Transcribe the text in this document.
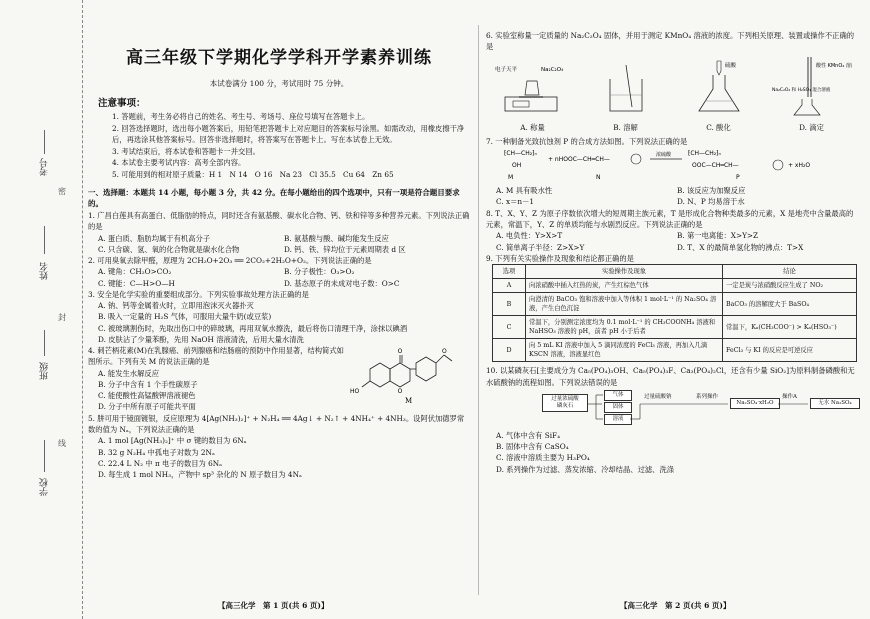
考号
姓名
班级
学校
密
封
线
高三年级下学期化学学科开学素养训练
本试卷满分 100 分，考试用时 75 分钟。
注意事项：

1. 答题前，考生务必将自己的姓名、考生号、考场号、座位号填写在答题卡上。

2. 回答选择题时，选出每小题答案后，用铅笔把答题卡上对应题目的答案标号涂黑。如需改动，用橡皮擦干净后，再选涂其他答案标号。回答非选择题时，将答案写在答题卡上。写在本试卷上无效。

3. 考试结束后，将本试卷和答题卡一并交回。

4. 本试卷主要考试内容：高考全部内容。

5. 可能用到的相对原子质量：H 1　N 14　O 16　Na 23　Cl 35.5　Cu 64　Zn 65

一、选择题：本题共 14 小题，每小题 3 分，共 42 分。在每小题给出的四个选项中，只有一项是符合题目要求的。
1. 广昌白莲具有高蛋白、低脂肪的特点，同时还含有氨基酸、碳水化合物、钙、铁和锌等多种营养元素。下列说法正确的是
A. 蛋白质、脂肪均属于有机高分子	B. 氨基酸与酸、碱均能发生反应
C. 只含碳、氢、氧的化合物就是碳水化合物	D. 钙、铁、锌均位于元素周期表 d 区
2. 可用臭氧去除甲醛，原理为 2CH₂O+2O₃ ══ 2CO₂+2H₂O+O₂。下列说法正确的是
A. 键角：CH₂O>CO₂	B. 分子极性：O₃>O₂
C. 键能：C—H>O—H	D. 基态原子的未成对电子数：O>C
3. 安全是化学实验的重要组成部分。下列实验事故处理方法正确的是
A. 钠、钙等金属着火时，立即用泡沫灭火器扑灭
B. 吸入一定量的 H₂S 气体，可服用大量牛奶(或豆浆)
C. 被玻璃割伤时，先取出伤口中的碎玻璃，再用双氧水擦洗，最后将伤口清理干净，涂抹以碘酒
D. 皮肤沾了少量苯酚，先用 NaOH 溶液清洗，后用大量水清洗
4. 刺芒柄花素(M)在乳腺癌、前列腺癌和结肠癌的预防中作用显著，结构简式如图所示。下列有关 M 的说法正确的是
A. 能发生水解反应
B. 分子中含有 1 个手性碳原子
C. 能使酸性高锰酸钾溶液褪色
D. 分子中所有原子可能共平面
O
O
O
HO
M
5. 肼可用于镜面镀银，反应原理为 4[Ag(NH₃)₂]⁺ + N₂H₄ ══ 4Ag↓ + N₂↑ + 4NH₄⁺ + 4NH₃。设阿伏加德罗常数的值为 Nₐ，下列说法正确的是
A. 1 mol [Ag(NH₃)₂]⁺ 中 σ 键的数目为 6Nₐ
B. 32 g N₂H₄ 中孤电子对数为 2Nₐ
C. 22.4 L N₂ 中 π 电子的数目为 6Nₐ
D. 每生成 1 mol NH₃，产物中 sp³ 杂化的 N 原子数目为 4Nₐ
【高三化学　第 1 页(共 6 页)】
6. 实验室称量一定质量的 Na₂C₂O₄ 固体，并用于测定 KMnO₄ 溶液的浓度。下列相关原理、装置或操作不正确的是
电子天平	Na₂C₂O₄
A. 称量	B. 溶解
硫酸
C. 酸化
酸性 KMnO₄ 溶液
Na₂C₂O₄ 和 H₂SO₄ 混合溶液
D. 滴定
7. 一种制备光致抗蚀剂 P 的合成方法如图。下列说法正确的是
⁅CH—CH₂⁆ₙ
OH
M
+ nHOOC—CH═CH—
N
浓硫酸	⁅CH—CH₂⁆ₙ
OOC—CH═CH—	+ xH₂O
P
A. M 具有吸水性	B. 该反应为加聚反应
C. x＝n－1	D. N、P 均易溶于水
8. T、X、Y、Z 为原子序数依次增大的短周期主族元素，T 是形成化合物种类最多的元素，X 是地壳中含量最高的元素，常温下，Y、Z 的单质均能与水剧烈反应。下列说法正确的是
A. 电负性：Y>X>T	B. 第一电离能：X>Y>Z
C. 简单离子半径：Z>X>Y	D. T、X 的最简单氢化物的沸点：T>X
9. 下列有关实验操作及现象和结论都正确的是
选项	实验操作及现象	结论
A	向浓硝酸中插入红热的炭，产生红棕色气体	一定是炭与浓硝酸反应生成了 NO₂
B	向澄清的 BaCO₃ 饱和溶液中加入等体积 1 mol·L⁻¹ 的 Na₂SO₄ 溶液，产生白色沉淀	BaCO₃ 的溶解度大于 BaSO₄
C	常温下，分别测定浓度均为 0.1 mol·L⁻¹ 的 CH₃COONH₄ 溶液和 NaHSO₃ 溶液的 pH，前者 pH 小于后者	常温下，Kₐ(CH₃COO⁻) > Kₐ(HSO₃⁻)
D	向 5 mL KI 溶液中加入 5 滴同浓度的 FeCl₃ 溶液，再加入几滴 KSCN 溶液，溶液显红色	FeCl₃ 与 KI 的反应是可逆反应
10. 以某磷灰石[主要成分为 Ca₅(PO₄)₃OH、Ca₅(PO₄)₃F、Ca₃(PO₄)₂Cl，还含有少量 SiO₂]为原料制备磷酸和无水硫酸钠的流程如图。下列说法错误的是
过量浓硫酸
磷灰石
气体
固体
溶液
过量硫酸钠	系列操作
Na₂SO₄·xH₂O
操作A
无水 Na₂SO₄
A. 气体中含有 SiF₄
B. 固体中含有 CaSO₄
C. 溶液中溶质主要为 H₃PO₄
D. 系列操作为过滤、蒸发浓缩、冷却结晶、过滤、洗涤
【高三化学　第 2 页(共 6 页)】
